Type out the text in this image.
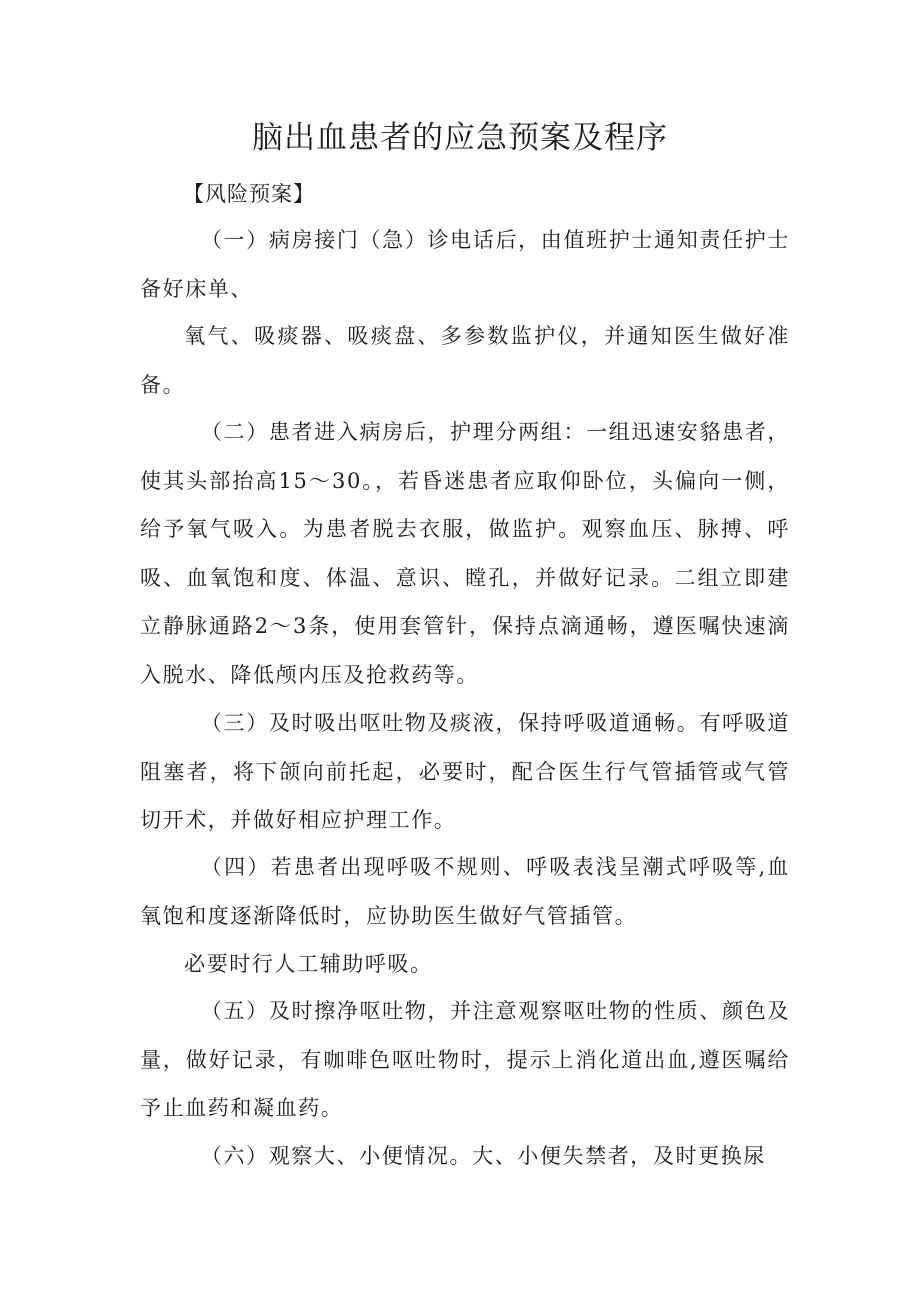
脑出血患者的应急预案及程序
【风险预案】

（一）病房接门（急）诊电话后，由值班护士通知责任护士备好床单、

氧气、吸痰器、吸痰盘、多参数监护仪，并通知医生做好准备。

（二）患者进入病房后，护理分两组：一组迅速安貉患者，使其头部抬高15～30。，若昏迷患者应取仰卧位，头偏向一侧，给予氧气吸入。为患者脱去衣服，做监护。观察血压、脉搏、呼吸、血氧饱和度、体温、意识、瞠孔，并做好记录。二组立即建立静脉通路2～3条，使用套管针，保持点滴通畅，遵医嘱快速滴入脱水、降低颅内压及抢救药等。

（三）及时吸出呕吐物及痰液，保持呼吸道通畅。有呼吸道阻塞者，将下颌向前托起，必要时，配合医生行气管插管或气管切开术，并做好相应护理工作。

（四）若患者出现呼吸不规则、呼吸表浅呈潮式呼吸等,血氧饱和度逐渐降低时，应协助医生做好气管插管。

必要时行人工辅助呼吸。

（五）及时擦净呕吐物，并注意观察呕吐物的性质、颜色及量，做好记录，有咖啡色呕吐物时，提示上消化道出血,遵医嘱给予止血药和凝血药。

（六）观察大、小便情况。大、小便失禁者，及时更换尿
